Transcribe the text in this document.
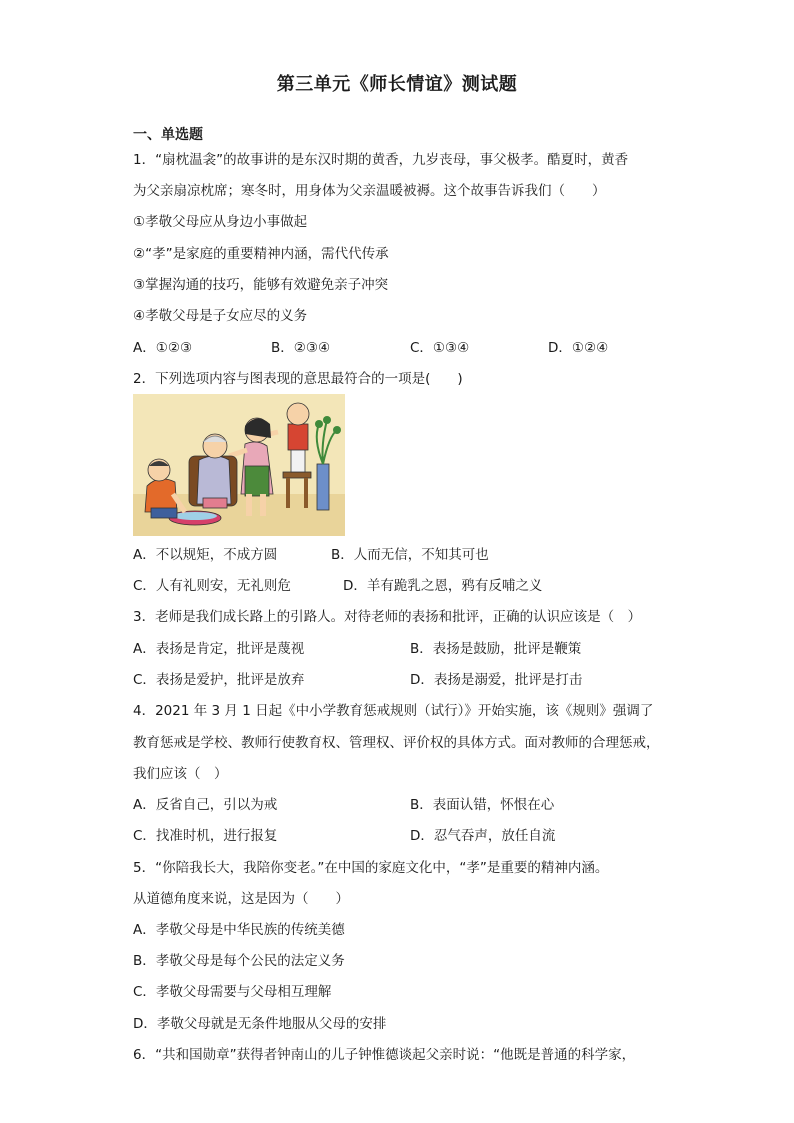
第三单元《师长情谊》测试题
一、单选题
1．“扇枕温衾”的故事讲的是东汉时期的黄香，九岁丧母，事父极孝。酷夏时，黄香
为父亲扇凉枕席；寒冬时，用身体为父亲温暖被褥。这个故事告诉我们（　　）
①孝敬父母应从身边小事做起
②“孝”是家庭的重要精神内涵，需代代传承
③掌握沟通的技巧，能够有效避免亲子冲突
④孝敬父母是子女应尽的义务
A．①②③	B．②③④	C．①③④	D．①②④
2．下列选项内容与图表现的意思最符合的一项是(　　)
A．不以规矩，不成方圆	B．人而无信，不知其可也
C．人有礼则安，无礼则危	D．羊有跪乳之恩，鸦有反哺之义
3．老师是我们成长路上的引路人。对待老师的表扬和批评，正确的认识应该是（　）
A．表扬是肯定，批评是蔑视	B．表扬是鼓励，批评是鞭策
C．表扬是爱护，批评是放弃	D．表扬是溺爱，批评是打击
4．2021 年 3 月 1 日起《中小学教育惩戒规则（试行）》开始实施，该《规则》强调了
教育惩戒是学校、教师行使教育权、管理权、评价权的具体方式。面对教师的合理惩戒，
我们应该（　）
A．反省自己，引以为戒	B．表面认错，怀恨在心
C．找准时机，进行报复	D．忍气吞声，放任自流
5．“你陪我长大，我陪你变老。”在中国的家庭文化中，“孝”是重要的精神内涵。
从道德角度来说，这是因为（　　）
A．孝敬父母是中华民族的传统美德
B．孝敬父母是每个公民的法定义务
C．孝敬父母需要与父母相互理解
D．孝敬父母就是无条件地服从父母的安排
6．“共和国勋章”获得者钟南山的儿子钟惟德谈起父亲时说：“他既是普通的科学家，
